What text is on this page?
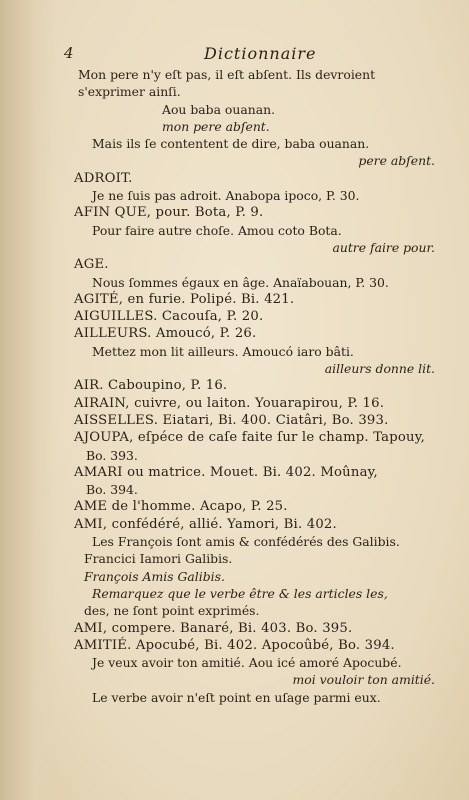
4	Dictionnaire
Mon pere n'y eſt pas, il eſt abſent. Ils devroient
s'exprimer ainſi.
Aou baba ouanan.
mon pere abſent.
Mais ils ſe contentent de dire, baba ouanan.
pere abſent.
ADROIT.
Je ne ſuis pas adroit. Anabopa ipoco, P. 30.
AFIN QUE, pour. Bota, P. 9.
Pour faire autre choſe. Amou coto Bota.
autre faire pour.
AGE.
Nous ſommes égaux en âge. Anaïabouan, P. 30.
AGITÉ, en furie. Polipé. Bi. 421.
AIGUILLES. Cacouſa, P. 20.
AILLEURS. Amoucó, P. 26.
Mettez mon lit ailleurs. Amoucó iaro bâti.
ailleurs donne lit.
AIR. Caboupino, P. 16.
AIRAIN, cuivre, ou laiton. Youarapirou, P. 16.
AISSELLES. Eiatari, Bi. 400. Ciatâri, Bo. 393.
AJOUPA, eſpéce de caſe faite ſur le champ. Tapouy,
Bo. 393.
AMARI ou matrice. Mouet. Bi. 402. Moûnay,
Bo. 394.
AME de l'homme. Acapo, P. 25.
AMI, confédéré, allié. Yamori, Bi. 402.
Les François ſont amis & confédérés des Galibis.
Francici Iamori Galibis.
François Amis Galibis.
Remarquez que le verbe être & les articles les,
des, ne ſont point exprimés.
AMI, compere. Banaré, Bi. 403. Bo. 395.
AMITIÉ. Apocubé, Bi. 402. Apocoûbé, Bo. 394.
Je veux avoir ton amitié. Aou icé amoré Apocubé.
moi vouloir ton amitié.
Le verbe avoir n'eſt point en uſage parmi eux.
